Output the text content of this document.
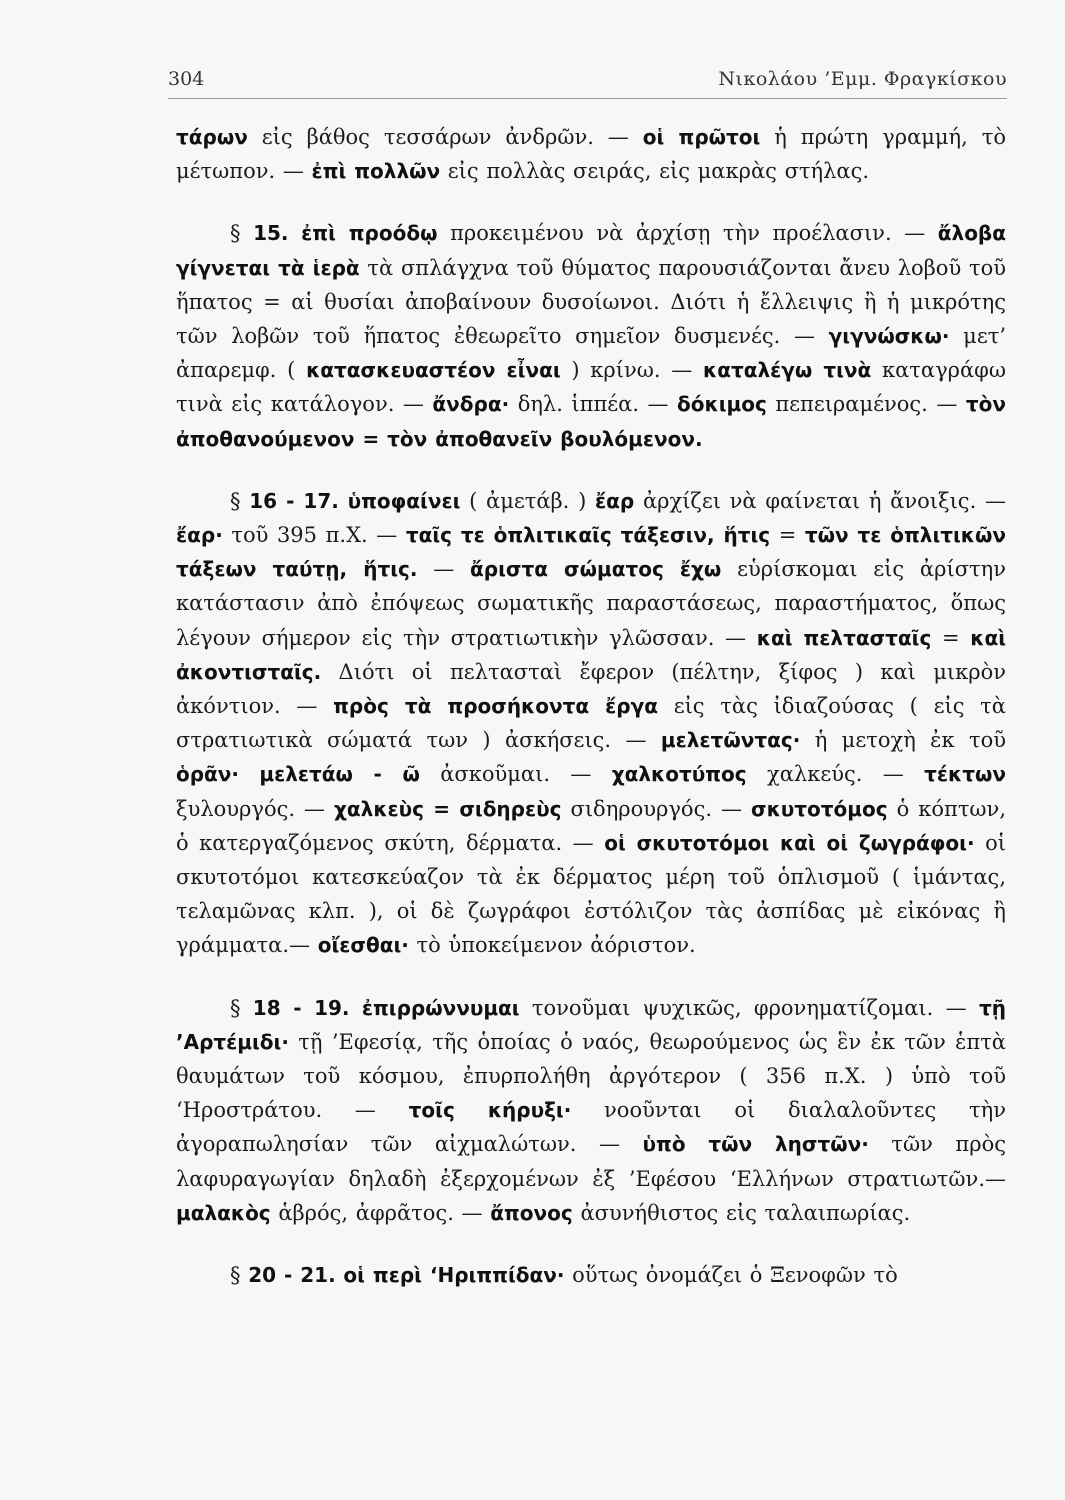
304	Νικολάου ’Εμμ. Φραγκίσκου

τάρων εἰς βάθος τεσσάρων ἀνδρῶν. — οἱ πρῶτοι ἡ πρώτη γραμμή, τὸ μέτωπον. — ἐπὶ πολλῶν εἰς πολλὰς σειράς, εἰς μακρὰς στήλας.

§ 15. ἐπὶ προόδῳ προκειμένου νὰ ἀρχίσῃ τὴν προέλασιν. — ἄλοβα γίγνεται τὰ ἱερὰ τὰ σπλάγχνα τοῦ θύματος παρουσιάζονται ἄνευ λοβοῦ τοῦ ἥπατος = αἱ θυσίαι ἀποβαίνουν δυσοίωνοι. Διότι ἡ ἔλλειψις ἢ ἡ μικρότης τῶν λοβῶν τοῦ ἥπατος ἐθεωρεῖτο σημεῖον δυσμενές. — γιγνώσκω· μετ’ ἀπαρεμφ. ( κατασκευαστέον εἶναι ) κρίνω. — καταλέγω τινὰ καταγράφω τινὰ εἰς κατάλογον. — ἄνδρα· δηλ. ἱππέα. — δόκιμος πεπειραμένος. — τὸν ἀποθανούμενον = τὸν ἀποθανεῖν βουλόμενον.

§ 16 - 17. ὑποφαίνει ( ἀμετάβ. ) ἔαρ ἀρχίζει νὰ φαίνεται ἡ ἄνοιξις. — ἔαρ· τοῦ 395 π.Χ. — ταῖς τε ὁπλιτικαῖς τάξεσιν, ἥτις = τῶν τε ὁπλιτικῶν τάξεων ταύτῃ, ἥτις. — ἄριστα σώματος ἔχω εὑρίσκομαι εἰς ἀρίστην κατάστασιν ἀπὸ ἐπόψεως σωματικῆς παραστάσεως, παραστήματος, ὅπως λέγουν σήμερον εἰς τὴν στρατιωτικὴν γλῶσσαν. — καὶ πελτασταῖς = καὶ ἀκοντισταῖς. Διότι οἱ πελτασταὶ ἔφερον (πέλτην, ξίφος ) καὶ μικρὸν ἀκόντιον. — πρὸς τὰ προσήκοντα ἔργα εἰς τὰς ἰδιαζούσας ( εἰς τὰ στρατιωτικὰ σώματά των ) ἀσκήσεις. — μελετῶντας· ἡ μετοχὴ ἐκ τοῦ ὁρᾶν· μελετάω - ῶ ἀσκοῦμαι. — χαλκοτύπος χαλκεύς. — τέκτων ξυλουργός. — χαλκεὺς = σιδηρεὺς σιδηρουργός. — σκυτοτόμος ὁ κόπτων, ὁ κατεργαζόμενος σκύτη, δέρματα. — οἱ σκυτοτόμοι καὶ οἱ ζωγράφοι· οἱ σκυτοτόμοι κατεσκεύαζον τὰ ἐκ δέρματος μέρη τοῦ ὁπλισμοῦ ( ἱμάντας, τελαμῶνας κλπ. ), οἱ δὲ ζωγράφοι ἐστόλιζον τὰς ἀσπίδας μὲ εἰκόνας ἢ γράμματα.— οἴεσθαι· τὸ ὑποκείμενον ἀόριστον.

§ 18 - 19. ἐπιρρώννυμαι τονοῦμαι ψυχικῶς, φρονηματίζομαι. — τῇ ’Αρτέμιδι· τῇ ’Εφεσίᾳ, τῆς ὁποίας ὁ ναός, θεωρούμενος ὡς ἓν ἐκ τῶν ἑπτὰ θαυμάτων τοῦ κόσμου, ἐπυρπολήθη ἀργότερον ( 356 π.Χ. ) ὑπὸ τοῦ ‘Ηροστράτου. — τοῖς κήρυξι· νοοῦνται οἱ διαλαλοῦντες τὴν ἀγοραπωλησίαν τῶν αἰχμαλώτων. — ὑπὸ τῶν ληστῶν· τῶν πρὸς λαφυραγωγίαν δηλαδὴ ἐξερχομένων ἐξ ’Εφέσου ‘Ελλήνων στρατιωτῶν.— μαλακὸς ἁβρός, ἀφρᾶτος. — ἄπονος ἀσυνήθιστος εἰς ταλαιπωρίας.

§ 20 - 21. οἱ περὶ ‘Ηριππίδαν· οὕτως ὀνομάζει ὁ Ξενοφῶν τὸ
